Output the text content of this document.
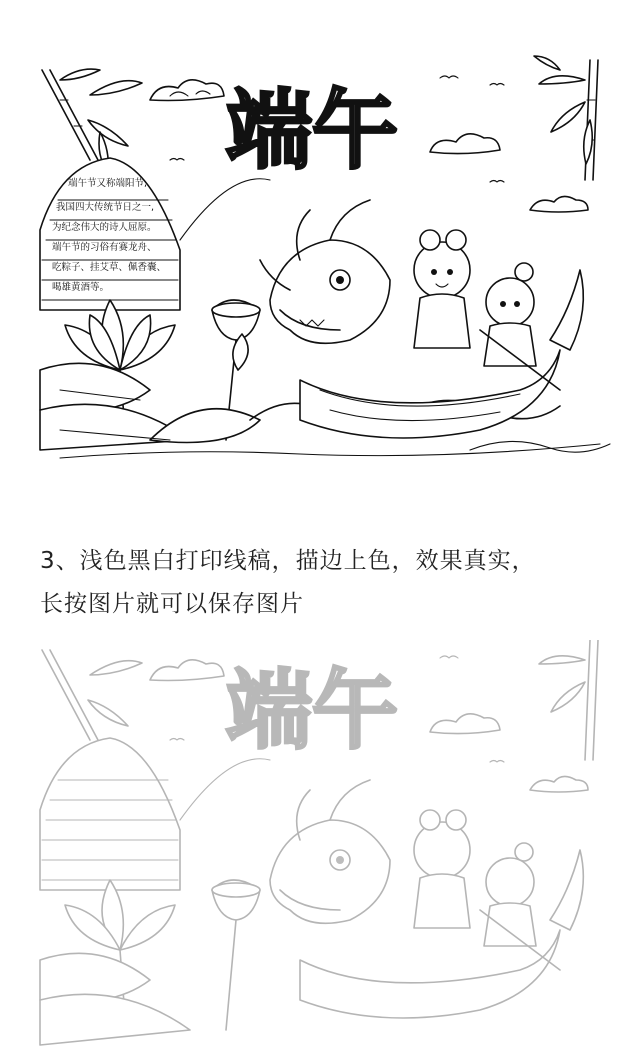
端午
端午节又称端阳节,
我国四大传统节日之一,
为纪念伟大的诗人屈原。
端午节的习俗有赛龙舟、
吃粽子、挂艾草、佩香囊、
喝雄黄酒等。
3、浅色黑白打印线稿，描边上色，效果真实，
长按图片就可以保存图片
端午
